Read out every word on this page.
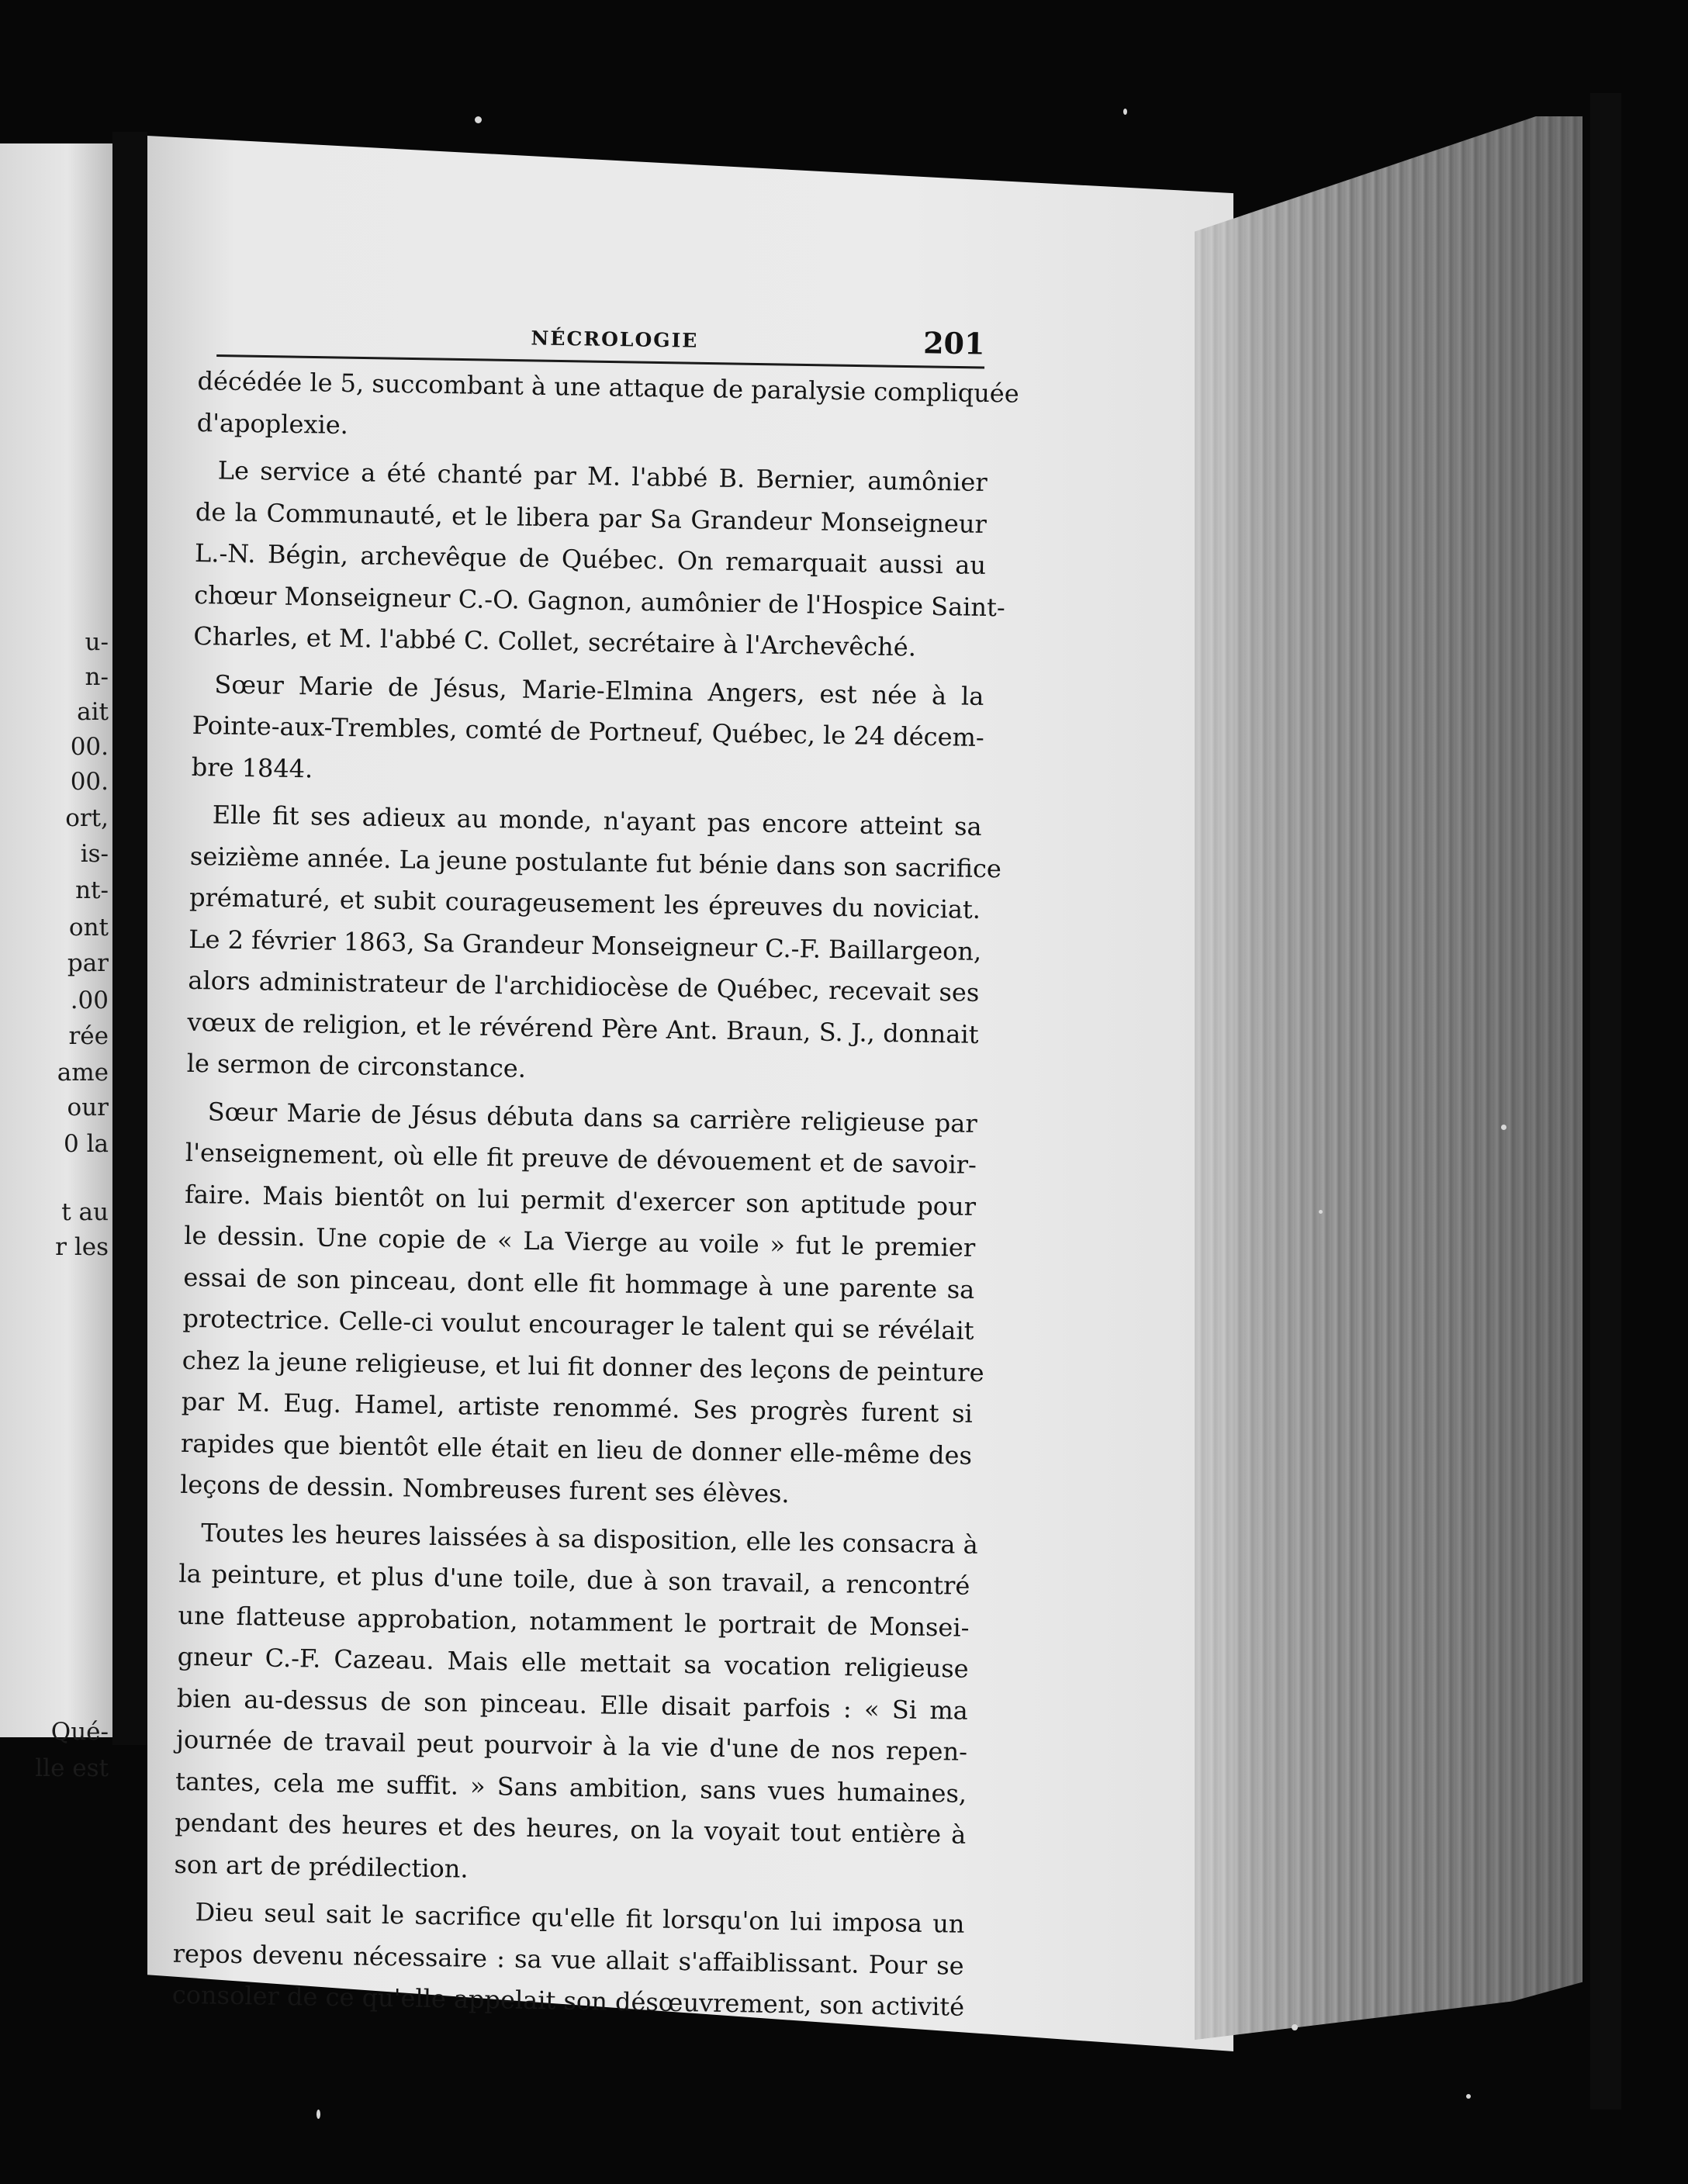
u-
n-
ait
00.
00.
ort,
is-
nt-
ont
par
.00
rée
ame
our
0 la
t au
r les
Qué-
lle est
NÉCROLOGIE	201
décédée le 5, succombant à une attaque de paralysie compliquée
d'apoplexie.
Le service a été chanté par M. l'abbé B. Bernier, aumônier
de la Communauté, et le libera par Sa Grandeur Monseigneur
L.-N. Bégin, archevêque de Québec. On remarquait aussi au
chœur Monseigneur C.-O. Gagnon, aumônier de l'Hospice Saint-
Charles, et M. l'abbé C. Collet, secrétaire à l'Archevêché.
Sœur Marie de Jésus, Marie-Elmina Angers, est née à la
Pointe-aux-Trembles, comté de Portneuf, Québec, le 24 décem-
bre 1844.
Elle fit ses adieux au monde, n'ayant pas encore atteint sa
seizième année. La jeune postulante fut bénie dans son sacrifice
prématuré, et subit courageusement les épreuves du noviciat.
Le 2 février 1863, Sa Grandeur Monseigneur C.-F. Baillargeon,
alors administrateur de l'archidiocèse de Québec, recevait ses
vœux de religion, et le révérend Père Ant. Braun, S. J., donnait
le sermon de circonstance.
Sœur Marie de Jésus débuta dans sa carrière religieuse par
l'enseignement, où elle fit preuve de dévouement et de savoir-
faire. Mais bientôt on lui permit d'exercer son aptitude pour
le dessin. Une copie de « La Vierge au voile » fut le premier
essai de son pinceau, dont elle fit hommage à une parente sa
protectrice. Celle-ci voulut encourager le talent qui se révélait
chez la jeune religieuse, et lui fit donner des leçons de peinture
par M. Eug. Hamel, artiste renommé. Ses progrès furent si
rapides que bientôt elle était en lieu de donner elle-même des
leçons de dessin. Nombreuses furent ses élèves.
Toutes les heures laissées à sa disposition, elle les consacra à
la peinture, et plus d'une toile, due à son travail, a rencontré
une flatteuse approbation, notamment le portrait de Monsei-
gneur C.-F. Cazeau. Mais elle mettait sa vocation religieuse
bien au-dessus de son pinceau. Elle disait parfois : « Si ma
journée de travail peut pourvoir à la vie d'une de nos repen-
tantes, cela me suffit. » Sans ambition, sans vues humaines,
pendant des heures et des heures, on la voyait tout entière à
son art de prédilection.
Dieu seul sait le sacrifice qu'elle fit lorsqu'on lui imposa un
repos devenu nécessaire : sa vue allait s'affaiblissant. Pour se
consoler de ce qu'elle appelait son désœuvrement, son activité
